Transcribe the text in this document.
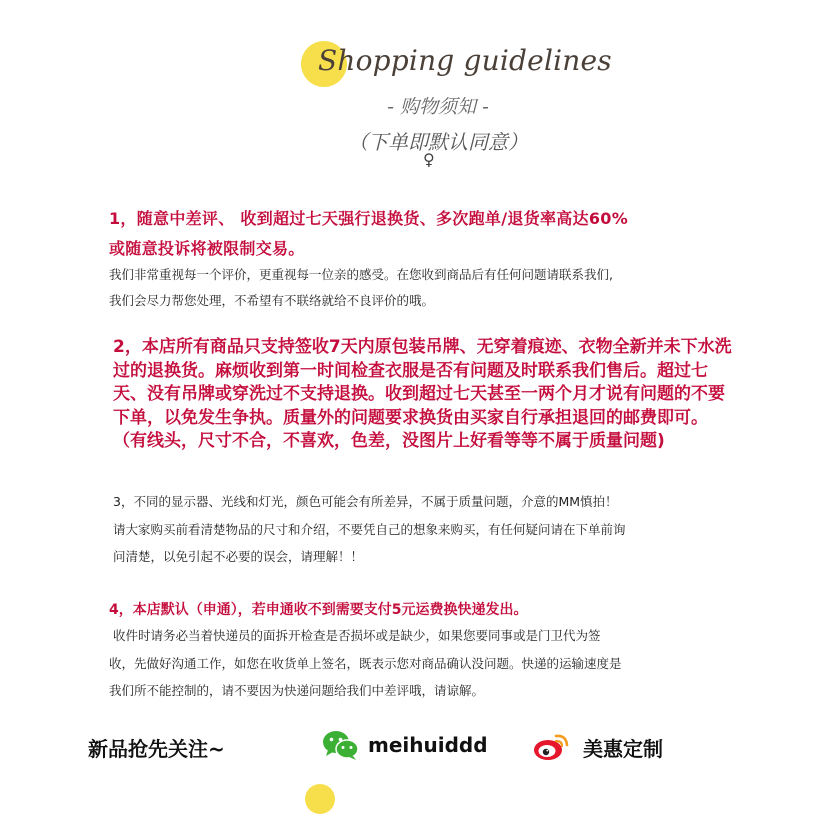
Shopping guidelines
- 购物须知 -
（下单即默认同意）
♀
1，随意中差评、 收到超过七天强行退换货、多次跑单/退货率高达60%
或随意投诉将被限制交易。
我们非常重视每一个评价，更重视每一位亲的感受。在您收到商品后有任何问题请联系我们,
我们会尽力帮您处理，不希望有不联络就给不良评价的哦。
2，本店所有商品只支持签收7天内原包装吊牌、无穿着痕迹、衣物全新并未下水洗过的退换货。麻烦收到第一时间检查衣服是否有问题及时联系我们售后。超过七天、没有吊牌或穿洗过不支持退换。收到超过七天甚至一两个月才说有问题的不要下单，以免发生争执。质量外的问题要求换货由买家自行承担退回的邮费即可。（有线头，尺寸不合，不喜欢，色差，没图片上好看等等不属于质量问题)
3，不同的显示器、光线和灯光，颜色可能会有所差异，不属于质量问题，介意的MM慎拍！
请大家购买前看清楚物品的尺寸和介绍，不要凭自己的想象来购买，有任何疑问请在下单前询
问清楚，以免引起不必要的误会，请理解！！
4，本店默认（申通），若申通收不到需要支付5元运费换快递发出。
收件时请务必当着快递员的面拆开检查是否损坏或是缺少，如果您要同事或是门卫代为签
收，先做好沟通工作，如您在收货单上签名，既表示您对商品确认没问题。快递的运输速度是
我们所不能控制的，请不要因为快递问题给我们中差评哦，请谅解。
新品抢先关注~	meihuiddd	美惠定制
